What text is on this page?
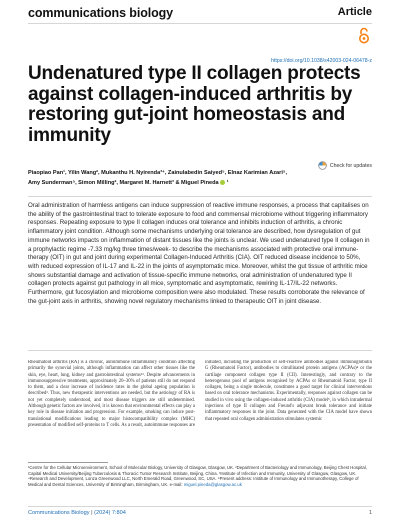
communications biology	Article
https://doi.org/10.1038/s42003-024-06478-z
Undenatured type II collagen protects against collagen-induced arthritis by restoring gut-joint homeostasis and immunity
Check for updates
Piaopiao Pan¹, Yilin Wang², Mukanthu H. Nyirenda³⁴, Zainulabedin Saiyed⁵, Elnaz Karimian Azari⁵,
Amy Sunderman⁵, Simon Milling², Margaret M. Harnett³ & Miguel Pineda ¹
Oral administration of harmless antigens can induce suppression of reactive immune responses, a process that capitalises on the ability of the gastrointestinal tract to tolerate exposure to food and commensal microbiome without triggering inflammatory responses. Repeating exposure to type II collagen induces oral tolerance and inhibits induction of arthritis, a chronic inflammatory joint condition. Although some mechanisms underlying oral tolerance are described, how dysregulation of gut immune networks impacts on inflammation of distant tissues like the joints is unclear. We used undenatured type II collagen in a prophylactic regime -7.33 mg/kg three times/week- to describe the mechanisms associated with protective oral immune-therapy (OIT) in gut and joint during experimental Collagen-Induced Arthritis (CIA). OIT reduced disease incidence to 50%, with reduced expression of IL-17 and IL-22 in the joints of asymptomatic mice. Moreover, whilst the gut tissue of arthritic mice shows substantial damage and activation of tissue-specific immune networks, oral administration of undenatured type II collagen protects against gut pathology in all mice, symptomatic and asymptomatic, rewiring IL-17/IL-22 networks. Furthermore, gut fucosylation and microbiome composition were also modulated. These results corroborate the relevance of the gut-joint axis in arthritis, showing novel regulatory mechanisms linked to therapeutic OIT in joint disease.
Rheumatoid arthritis (RA) is a chronic, autoimmune inflammatory condition affecting primarily the synovial joints, although inflammation can affect other tissues like the skin, eye, heart, lung, kidney and gastrointestinal systems¹². Despite advancements in immunosuppressive treatments, approximately 20–30% of patients still do not respond to them, and a clear increase of incidence rates in the global ageing population is described³. Thus, new therapeutic interventions are needed, but the aetiology of RA is not yet completely understood, and most disease triggers are still undetermined. Although genetic factors are involved, it is known that environmental effects can play a key role in disease initiation and progression. For example, smoking can induce post-translational modifications leading to major histocompatibility complex (MHC) presentation of modified self-proteins to T cells. As a result, autoimmune responses are initiated, including the production of self-reactive antibodies against immunoglobulin G (Rheumatoid Factor), antibodies to citrullinated protein antigens (ACPAs)⁴ or the cartilage component collagen type II (CII). Interestingly, and contrary to the heterogenous pool of antigens recognised by ACPAs or Rheumatoid Factor, type II collagen, being a single molecule, constitutes a good target for clinical interventions based on oral tolerance mechanisms. Experimentally, responses against collagen can be studied in vivo using the collagen-induced arthritis (CIA) model⁵, in which intradermal injections of type II collagen and Freund's adjuvant break tolerance and initiate inflammatory responses in the joint. Data generated with the CIA model have shown that repeated oral collagen administration stimulates systemic
¹Centre for the Cellular Microenvironment, School of Molecular Biology, University of Glasgow, Glasgow, UK. ²Department of Bacteriology and Immunology, Beijing Chest Hospital, Capital Medical University/Beijing Tuberculosis & Thoracic Tumor Research Institute, Beijing, China. ³Institute of Infection and Immunity, University of Glasgow, Glasgow, UK. ⁴Research and Development, Lonza Greenwood LLC, North Emerald Road, Greenwood, SC, USA. ⁵Present address: Institute of Immunology and Immunotherapy, College of Medical and Dental Sciences, University of Birmingham, Birmingham, UK. e-mail: miguel.pineda@glasgow.ac.uk
Communications Biology | (2024) 7:804	1
